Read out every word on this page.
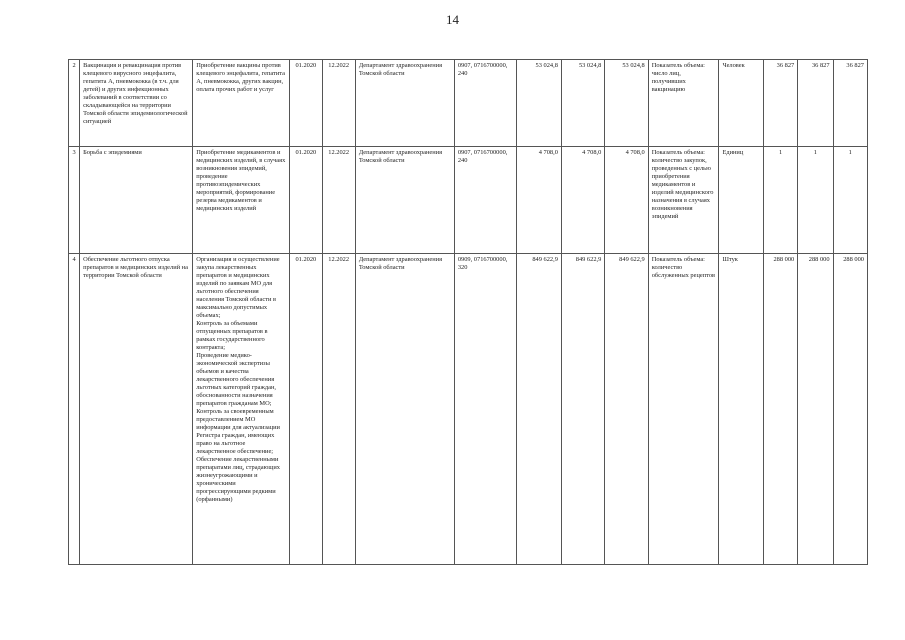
14
2	Вакцинация и ревакцинация против клещевого вирусного энцефалита, гепатита А, пневмококка (в т.ч. для детей) и других инфекционных заболеваний в соответствии со складывающейся на территории Томской области эпидемиологической ситуацией	Приобретение вакцины против клещевого энцефалита, гепатита А, пневмококка, других вакцин, оплата прочих работ и услуг	01.2020	12.2022	Департамент здравоохранения Томской области	0907, 0716700000, 240	53 024,8	53 024,8	53 024,8	Показатель объема: число лиц, получивших вакцинацию	Человек	36 827	36 827	36 827
3	Борьба с эпидемиями	Приобретение медикаментов и медицинских изделий, в случаях возникновения эпидемий, проведение противоэпидемических мероприятий, формирование резерва медикаментов и медицинских изделий	01.2020	12.2022	Департамент здравоохранения Томской области	0907, 0716700000, 240	4 708,0	4 708,0	4 708,0	Показатель объема: количество закупок, проведенных с целью приобретения медикаментов и изделий медицинского назначения в случаях возникновения эпидемий	Единиц	1	1	1
4	Обеспечение льготного отпуска препаратов и медицинских изделий на территории Томской области	Организация и осуществление закупа лекарственных препаратов и медицинских изделий по заявкам МО для льготного обеспечения населения Томской области в максимально допустимых объемах;
Контроль за объемами отпущенных препаратов в рамках государственного контракта;
Проведение медико-экономической экспертизы объемов и качества лекарственного обеспечения льготных категорий граждан, обоснованности назначения препаратов гражданам МО;
Контроль за своевременным предоставлением МО информации для актуализации Регистра граждан, имеющих право на льготное лекарственное обеспечение;
Обеспечение лекарственными препаратами лиц, страдающих жизнеугрожающими и хроническими прогрессирующими редкими (орфанными)	01.2020	12.2022	Департамент здравоохранения Томской области	0909, 0716700000, 320	849 622,9	849 622,9	849 622,9	Показатель объема: количество обслуженных рецептов	Штук	288 000	288 000	288 000
